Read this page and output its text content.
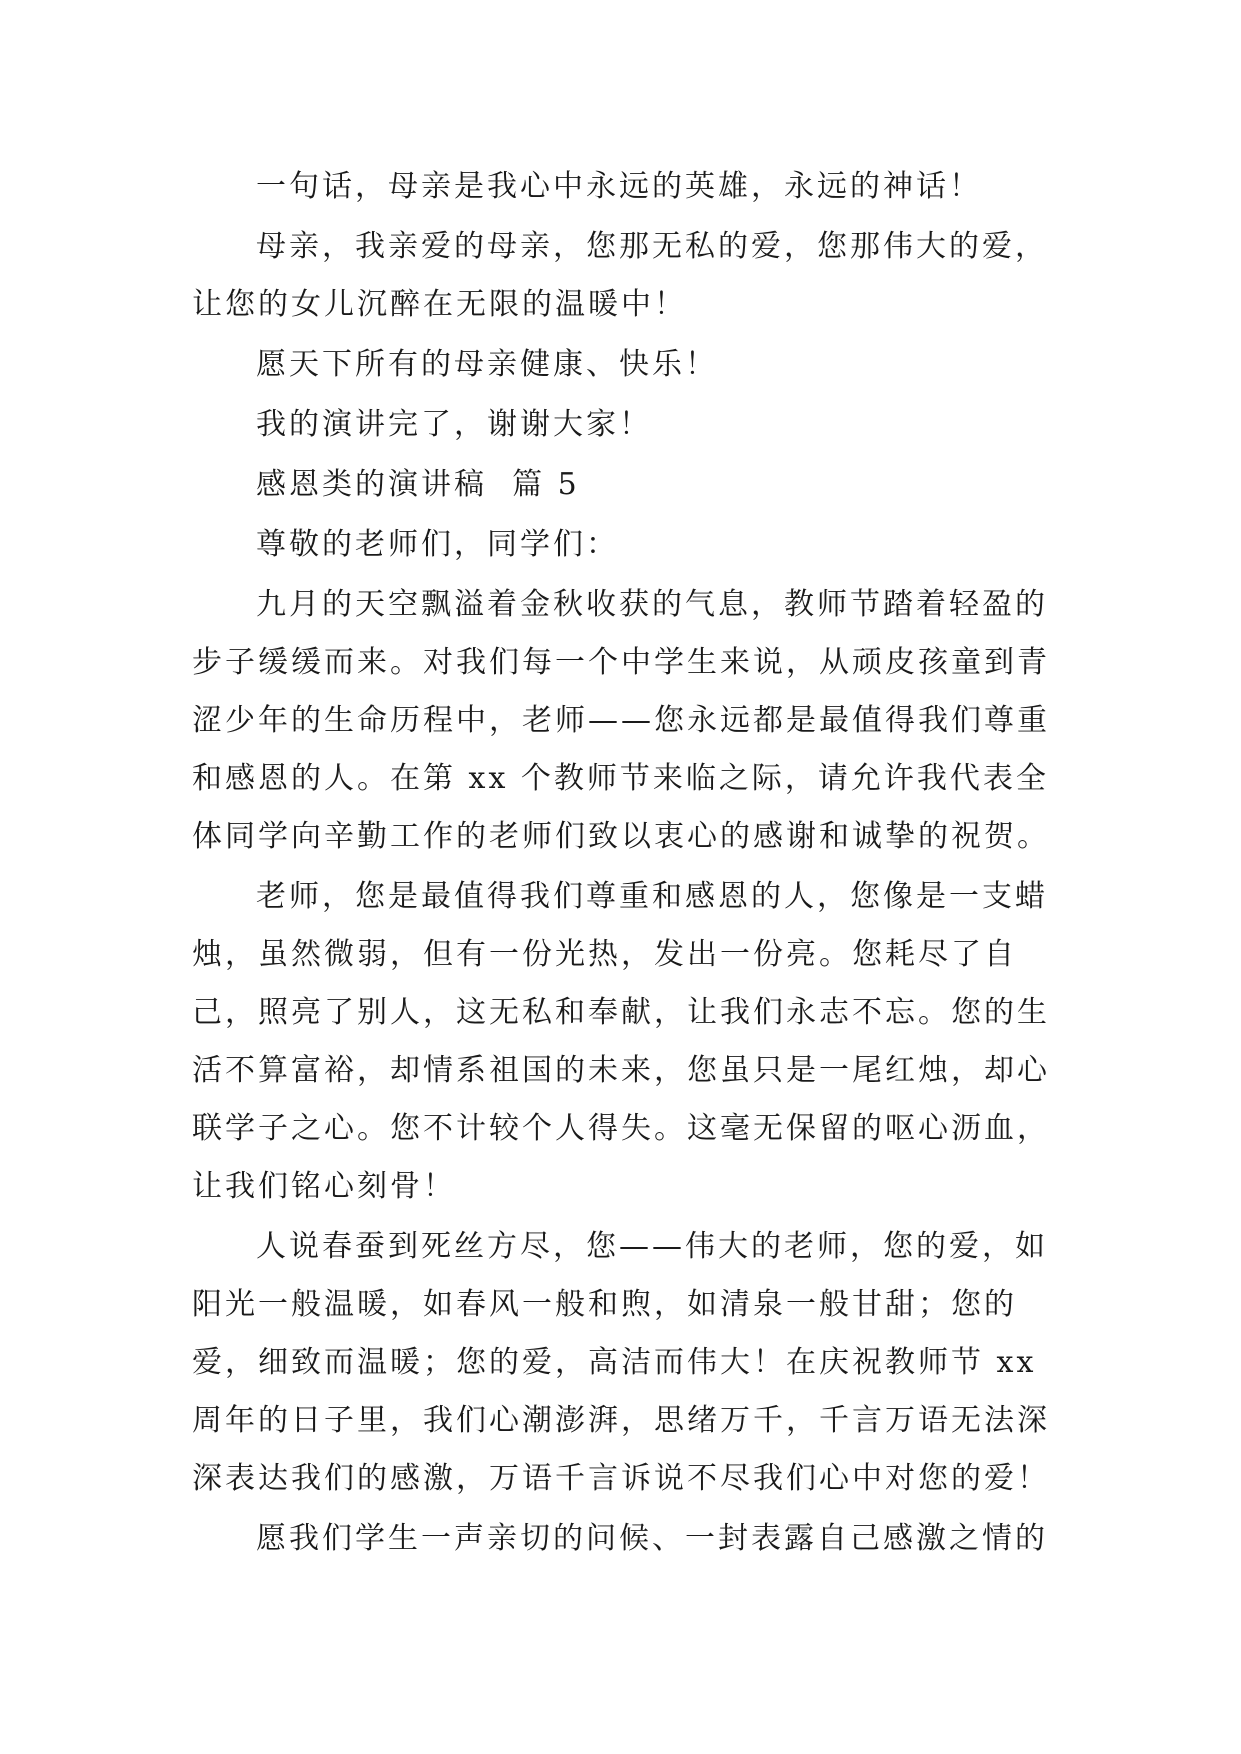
一句话，母亲是我心中永远的英雄，永远的神话！

母亲，我亲爱的母亲，您那无私的爱，您那伟大的爱，让您的女儿沉醉在无限的温暖中！

愿天下所有的母亲健康、快乐！

我的演讲完了，谢谢大家！

感恩类的演讲稿  篇 5

尊敬的老师们，同学们：

九月的天空飘溢着金秋收获的气息，教师节踏着轻盈的步子缓缓而来。对我们每一个中学生来说，从顽皮孩童到青涩少年的生命历程中，老师——您永远都是最值得我们尊重和感恩的人。在第 xx 个教师节来临之际，请允许我代表全体同学向辛勤工作的老师们致以衷心的感谢和诚挚的祝贺。

老师，您是最值得我们尊重和感恩的人，您像是一支蜡烛，虽然微弱，但有一份光热，发出一份亮。您耗尽了自己，照亮了别人，这无私和奉献，让我们永志不忘。您的生活不算富裕，却情系祖国的未来，您虽只是一尾红烛，却心联学子之心。您不计较个人得失。这毫无保留的呕心沥血，让我们铭心刻骨！

人说春蚕到死丝方尽，您——伟大的老师，您的爱，如阳光一般温暖，如春风一般和煦，如清泉一般甘甜；您的爱，细致而温暖；您的爱，高洁而伟大！在庆祝教师节 xx 周年的日子里，我们心潮澎湃，思绪万千，千言万语无法深深表达我们的感激，万语千言诉说不尽我们心中对您的爱！

愿我们学生一声亲切的问候、一封表露自己感激之情的
